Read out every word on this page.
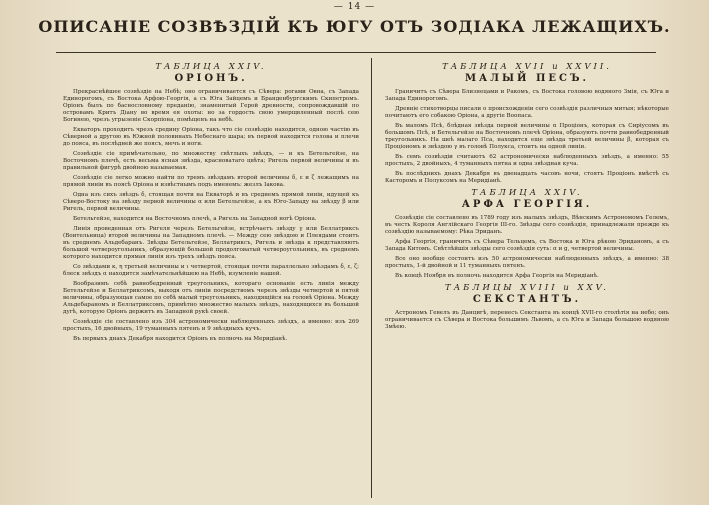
— 14 —
ОПИСАНІЕ СОЗВѢЗДІЙ КЪ ЮГУ ОТЪ ЗОДІАКА ЛЕЖАЩИХЪ.
ТАБЛИЦА XXIV.
ОРІОНЪ.

Прекраснѣйшее созвѣздіе на Небѣ; оно ограничивается съ Сѣвера: рогами Овна, съ Запада Единорогомъ, съ Востока Арфою-Георгія, а съ Юга Зайцемъ и Бранденбургскимъ Скипетромъ. Оріонъ былъ по баснословному преданію, знаменитый Герой древности, сопровождавшій по островамъ Критъ Діану во время ея охоты: но за гордость свою умерщвленный послѣ сею Богинею, чрезъ угрызеніе Скорпіона, помѣщенъ на небѣ.

Екваторъ проходитъ чрезъ средину Оріона, такъ что сіе созвѣздіе находится, одною частію въ Сѣверной а другою въ Южной половинахъ Небеснаго шара; въ первой находится голова и плечи до пояса, въ послѣдней же поясъ, мечъ и ноги.

Созвѣздіе сіе примѣчательно, по множеству свѣтлыхъ звѣздъ, — и къ Бетельгейзе, на Восточномъ плечѣ, есть весьма ясная звѣзда, красноватаго цвѣта; Ригель первой величины и въ правильной фигурѣ двойною называемая.

Созвѣздіе сіе легко можно найти по тремъ звѣздамъ второй величины δ, ε и ζ лежащимъ на прямой линіи въ поясѣ Оріона и извѣстнымъ подъ именемъ: жезлъ Іакова.

Одна изъ сихъ звѣздъ δ, стоящая почти на Екваторѣ и въ среднемъ прямой линіи, идущей къ Сѣверо-Востоку на звѣзду первой величины α или Бетельгейзе, а къ Юго-Западу на звѣзду β или Ригель, первой величины.

Бетельгейзе, находится на Восточномъ плечѣ, а Ригель на Западной ногѣ Оріона.

Линія проведенная отъ Ригеля черезъ Бетельгейзе, встрѣчаетъ звѣзду γ или Беллатриксъ (Воительница) второй величины на Западномъ плечѣ. — Между сею звѣздою и Плеядами стоитъ въ среднемъ Альдебаранъ. Звѣзды Бетельгейзе, Беллатриксъ, Ригель и звѣзда κ представляютъ большой четвероугольникъ, образующій большой продолговатый четвероугольникъ, въ среднемъ которого находится прямая линія изъ трехъ звѣздъ пояса.

Со звѣздами κ, η третьей величины и ι четвертой, стоящая почти параллельно звѣздамъ δ, ε, ζ; блеск звѣздъ α находится замѣчательнѣйшею на Небѣ, изумленіе нашей.

Вообразимъ себѣ равнобедренный треугольникъ, котораго основаніе есть линія между Бетельгейзе и Беллатриксомъ, выходя отъ линіи посредствомъ черезъ звѣзды четвертой и пятой величины, образующая самое по себѣ малый треугольникъ, находящійся на головѣ Оріона. Между Альдебараномъ и Беллатриксомъ, примѣтно множество малыхъ звѣздъ, находящихся въ большой дугѣ, которую Оріонъ держитъ въ Западной рукѣ своей.

Созвѣздіе сіе составлено изъ 304 астрономически наблюденныхъ звѣздъ, а именно: изъ 269 простыхъ, 16 двойныхъ, 19 туманныхъ пятенъ и 9 звѣздныхъ кучъ.

Въ первыхъ днахъ Декабря находится Оріонъ въ полночь на Меридіанѣ.

ТАБЛИЦА XVII и XXVII.
МАЛЫЙ ПЕСЪ.

Граничитъ съ Сѣвера Близнецами и Ракомъ, съ Востока головою водяного Змія, съ Юга и Запада Единорогомъ.

Древніе стихотворцы писали о происхожденіи сего созвѣздія различныя митыя; нѣкоторые почитаютъ его собакою Оріона, а другіе Воопаса.

Въ маломъ Псѣ, блѣдная звѣзда первой величины α Проціонъ, которая съ Сиріусомъ въ большомъ Псѣ, и Бетельгейзе на Восточномъ плечѣ Оріона, образуютъ почти равнобедренный треугольникъ. На шеѣ малаго Пса, находится еще звѣзда третьей величины β, которая съ Проціономъ и звѣздою γ въ головѣ Полукса, стоитъ на одной линіи.

Въ семъ созвѣздіи считаютъ 62 астрономически наблюденныхъ звѣздъ, а именно: 55 простыхъ, 2 двойныхъ, 4 туманныхъ пятна и одна звѣздная куча.

Въ послѣднихъ днахъ Декабря въ двенадцать часовъ ночи, стоятъ Проціонъ вмѣстѣ съ Касторомъ и Полуксомъ на Меридіанѣ.

ТАБЛИЦА XXIV.
АРФА ГЕОРГІЯ.

Созвѣздіе сіе составлено въ 1789 году изъ малыхъ звѣздъ, Вѣнскимъ Астрономомъ Гелемъ, въ честь Короля Англійскаго Георгія III-го. Звѣзды сего созвѣздія, принадлежали прежде къ созвѣздію называемому: Рѣка Эриданъ.

Арфа Георгія, граничитъ съ Сѣвера Тельцемъ, съ Востока и Юга рѣкою Эриданомъ, а съ Запада Китомъ. Свѣтлѣйшія звѣзды сего созвѣздія суть: α и g, четвертой величины.

Все оно вообще состоитъ изъ 50 астрономически наблюденныхъ звѣздъ, а именно: 38 простыхъ, 1-й двойной и 11 туманныхъ пятенъ.

Въ концѣ Ноября въ полночь находится Арфа Георгія на Меридіанѣ.

ТАБЛИЦЫ XVIII и XXV.
СЕКСТАНТЪ.

Астрономъ Гевелъ въ Данцигѣ, перенесъ Секстанта въ концѣ XVII-го столѣтія на небо; онъ ограничивается съ Сѣвера и Востока большимъ Львомъ, а съ Юга и Запада большою водяною Змѣею.
